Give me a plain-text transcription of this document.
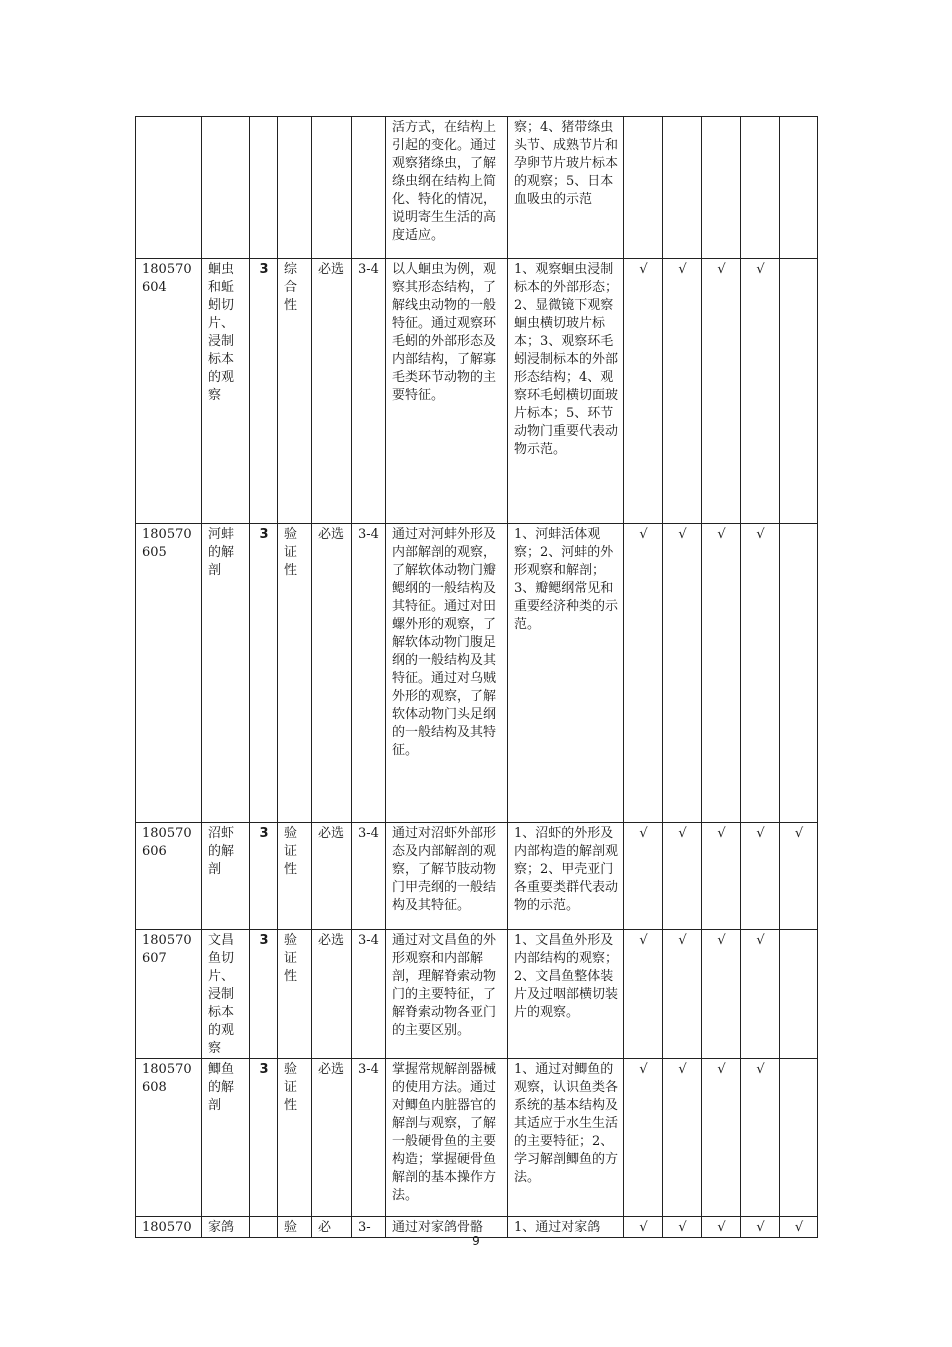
						活方式，在结构上引起的变化。通过观察猪绦虫，了解绦虫纲在结构上简化、特化的情况，说明寄生生活的高度适应。	察；4、猪带绦虫头节、成熟节片和孕卵节片玻片标本的观察；5、日本血吸虫的示范					
180570604	蛔虫和蚯蚓切片、浸制标本的观察	3	综合性	必选	3-4	以人蛔虫为例，观察其形态结构，了解线虫动物的一般特征。通过观察环毛蚓的外部形态及内部结构，了解寡毛类环节动物的主要特征。	1、观察蛔虫浸制标本的外部形态；2、显微镜下观察蛔虫横切玻片标本；3、观察环毛蚓浸制标本的外部形态结构；4、观察环毛蚓横切面玻片标本；5、环节动物门重要代表动物示范。	√	√	√	√	
180570605	河蚌的解剖	3	验证性	必选	3-4	通过对河蚌外形及内部解剖的观察，了解软体动物门瓣鳃纲的一般结构及其特征。通过对田螺外形的观察，了解软体动物门腹足纲的一般结构及其特征。通过对乌贼外形的观察，了解软体动物门头足纲的一般结构及其特征。	1、河蚌活体观察；2、河蚌的外形观察和解剖；3、瓣鳃纲常见和重要经济种类的示范。	√	√	√	√	
180570606	沼虾的解剖	3	验证性	必选	3-4	通过对沼虾外部形态及内部解剖的观察，了解节肢动物门甲壳纲的一般结构及其特征。	1、沼虾的外形及内部构造的解剖观察；2、甲壳亚门各重要类群代表动物的示范。	√	√	√	√	√
180570607	文昌鱼切片、浸制标本的观察	3	验证性	必选	3-4	通过对文昌鱼的外形观察和内部解剖，理解脊索动物门的主要特征，了解脊索动物各亚门的主要区别。	1、文昌鱼外形及内部结构的观察；2、文昌鱼整体装片及过咽部横切装片的观察。	√	√	√	√	
180570608	鲫鱼的解剖	3	验证性	必选	3-4	掌握常规解剖器械的使用方法。通过对鲫鱼内脏器官的解剖与观察，了解一般硬骨鱼的主要构造；掌握硬骨鱼解剖的基本操作方法。	1、通过对鲫鱼的观察，认识鱼类各系统的基本结构及其适应于水生生活的主要特征；2、学习解剖鲫鱼的方法。	√	√	√	√	
180570	家鸽		验	必	3-	通过对家鸽骨骼	1、通过对家鸽	√	√	√	√	√
9
